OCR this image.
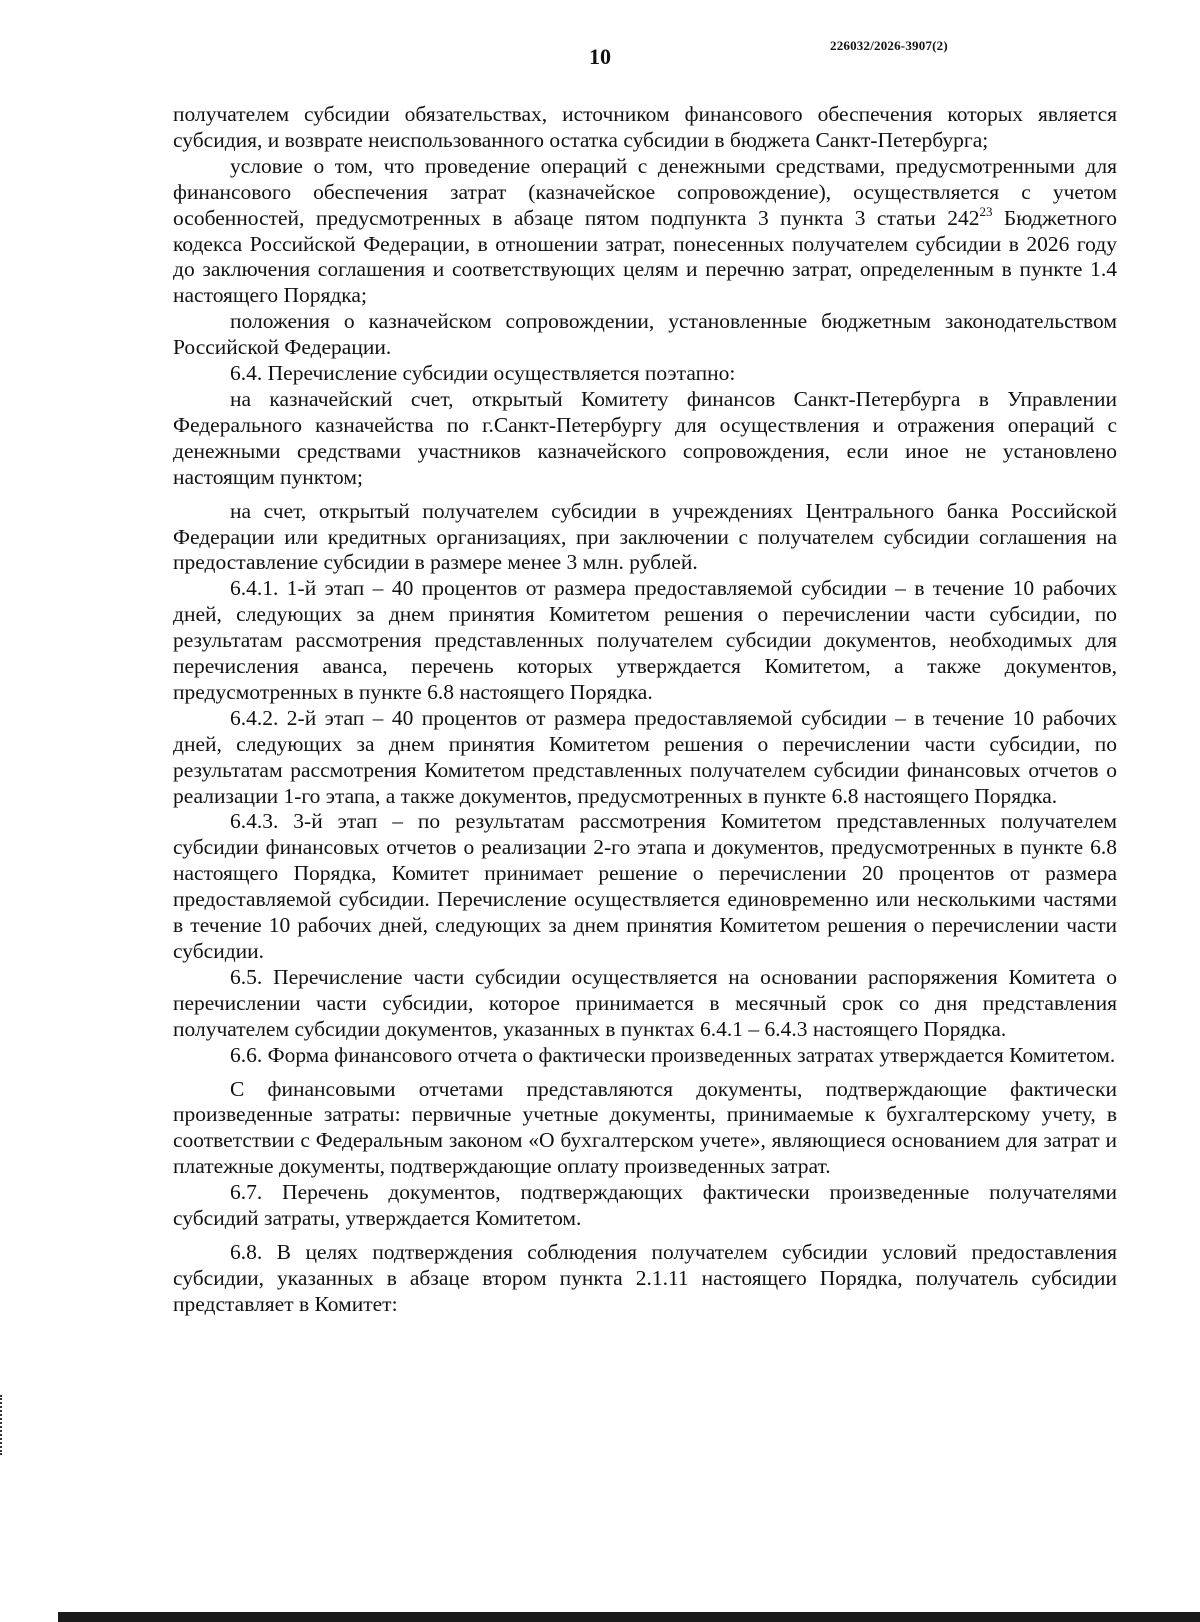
10	226032/2026-3907(2)

получателем субсидии обязательствах, источником финансового обеспечения которых является субсидия, и возврате неиспользованного остатка субсидии в бюджета Санкт-Петербурга;

условие о том, что проведение операций с денежными средствами, предусмотренными для финансового обеспечения затрат (казначейское сопровождение), осуществляется с учетом особенностей, предусмотренных в абзаце пятом подпункта 3 пункта 3 статьи $242^{23}$ Бюджетного кодекса Российской Федерации, в отношении затрат, понесенных получателем субсидии в 2026 году до заключения соглашения и соответствующих целям и перечню затрат, определенным в пункте 1.4 настоящего Порядка;

положения о казначейском сопровождении, установленные бюджетным законодательством Российской Федерации.

6.4. Перечисление субсидии осуществляется поэтапно:

на казначейский счет, открытый Комитету финансов Санкт-Петербурга в Управлении Федерального казначейства по г.Санкт-Петербургу для осуществления и отражения операций с денежными средствами участников казначейского сопровождения, если иное не установлено настоящим пунктом;

на счет, открытый получателем субсидии в учреждениях Центрального банка Российской Федерации или кредитных организациях, при заключении с получателем субсидии соглашения на предоставление субсидии в размере менее 3 млн. рублей.

6.4.1. 1-й этап – 40 процентов от размера предоставляемой субсидии – в течение 10 рабочих дней, следующих за днем принятия Комитетом решения о перечислении части субсидии, по результатам рассмотрения представленных получателем субсидии документов, необходимых для перечисления аванса, перечень которых утверждается Комитетом, а также документов, предусмотренных в пункте 6.8 настоящего Порядка.

6.4.2. 2-й этап – 40 процентов от размера предоставляемой субсидии – в течение 10 рабочих дней, следующих за днем принятия Комитетом решения о перечислении части субсидии, по результатам рассмотрения Комитетом представленных получателем субсидии финансовых отчетов о реализации 1-го этапа, а также документов, предусмотренных в пункте 6.8 настоящего Порядка.

6.4.3. 3-й этап – по результатам рассмотрения Комитетом представленных получателем субсидии финансовых отчетов о реализации 2-го этапа и документов, предусмотренных в пункте 6.8 настоящего Порядка, Комитет принимает решение о перечислении 20 процентов от размера предоставляемой субсидии. Перечисление осуществляется единовременно или несколькими частями в течение 10 рабочих дней, следующих за днем принятия Комитетом решения о перечислении части субсидии.

6.5. Перечисление части субсидии осуществляется на основании распоряжения Комитета о перечислении части субсидии, которое принимается в месячный срок со дня представления получателем субсидии документов, указанных в пунктах 6.4.1 – 6.4.3 настоящего Порядка.

6.6. Форма финансового отчета о фактически произведенных затратах утверждается Комитетом.

С финансовыми отчетами представляются документы, подтверждающие фактически произведенные затраты: первичные учетные документы, принимаемые к бухгалтерскому учету, в соответствии с Федеральным законом «О бухгалтерском учете», являющиеся основанием для затрат и платежные документы, подтверждающие оплату произведенных затрат.

6.7. Перечень документов, подтверждающих фактически произведенные получателями субсидий затраты, утверждается Комитетом.

6.8. В целях подтверждения соблюдения получателем субсидии условий предоставления субсидии, указанных в абзаце втором пункта 2.1.11 настоящего Порядка, получатель субсидии представляет в Комитет:
